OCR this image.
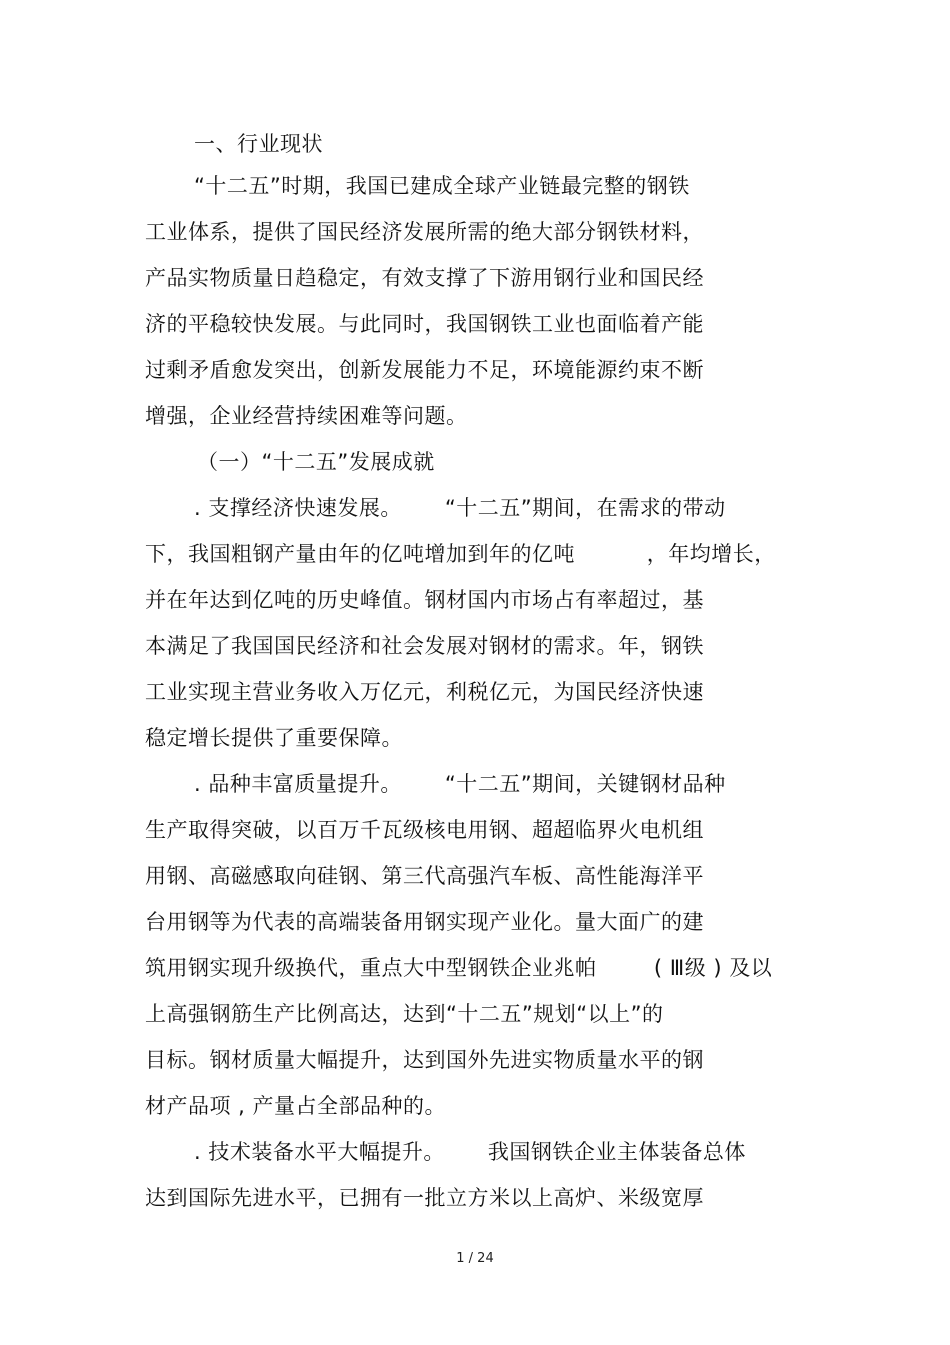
一、行业现状
“十二五”时期，我国已建成全球产业链最完整的钢铁
工业体系，提供了国民经济发展所需的绝大部分钢铁材料，
产品实物质量日趋稳定，有效支撑了下游用钢行业和国民经
济的平稳较快发展。与此同时，我国钢铁工业也面临着产能
过剩矛盾愈发突出，创新发展能力不足，环境能源约束不断
增强，企业经营持续困难等问题。
（一）“十二五”发展成就
. 支撑经济快速发展。      “十二五”期间，在需求的带动
下，我国粗钢产量由年的亿吨增加到年的亿吨          ，年均增长，
并在年达到亿吨的历史峰值。钢材国内市场占有率超过，基
本满足了我国国民经济和社会发展对钢材的需求。年，钢铁
工业实现主营业务收入万亿元，利税亿元，为国民经济快速
稳定增长提供了重要保障。
. 品种丰富质量提升。      “十二五”期间，关键钢材品种
生产取得突破，以百万千瓦级核电用钢、超超临界火电机组
用钢、高磁感取向硅钢、第三代高强汽车板、高性能海洋平
台用钢等为代表的高端装备用钢实现产业化。量大面广的建
筑用钢实现升级换代，重点大中型钢铁企业兆帕        ( Ⅲ级 ) 及以
上高强钢筋生产比例高达，达到“十二五”规划“以上”的
目标。钢材质量大幅提升，达到国外先进实物质量水平的钢
材产品项 , 产量占全部品种的。
. 技术装备水平大幅提升。      我国钢铁企业主体装备总体
达到国际先进水平，已拥有一批立方米以上高炉、米级宽厚
1 / 24
